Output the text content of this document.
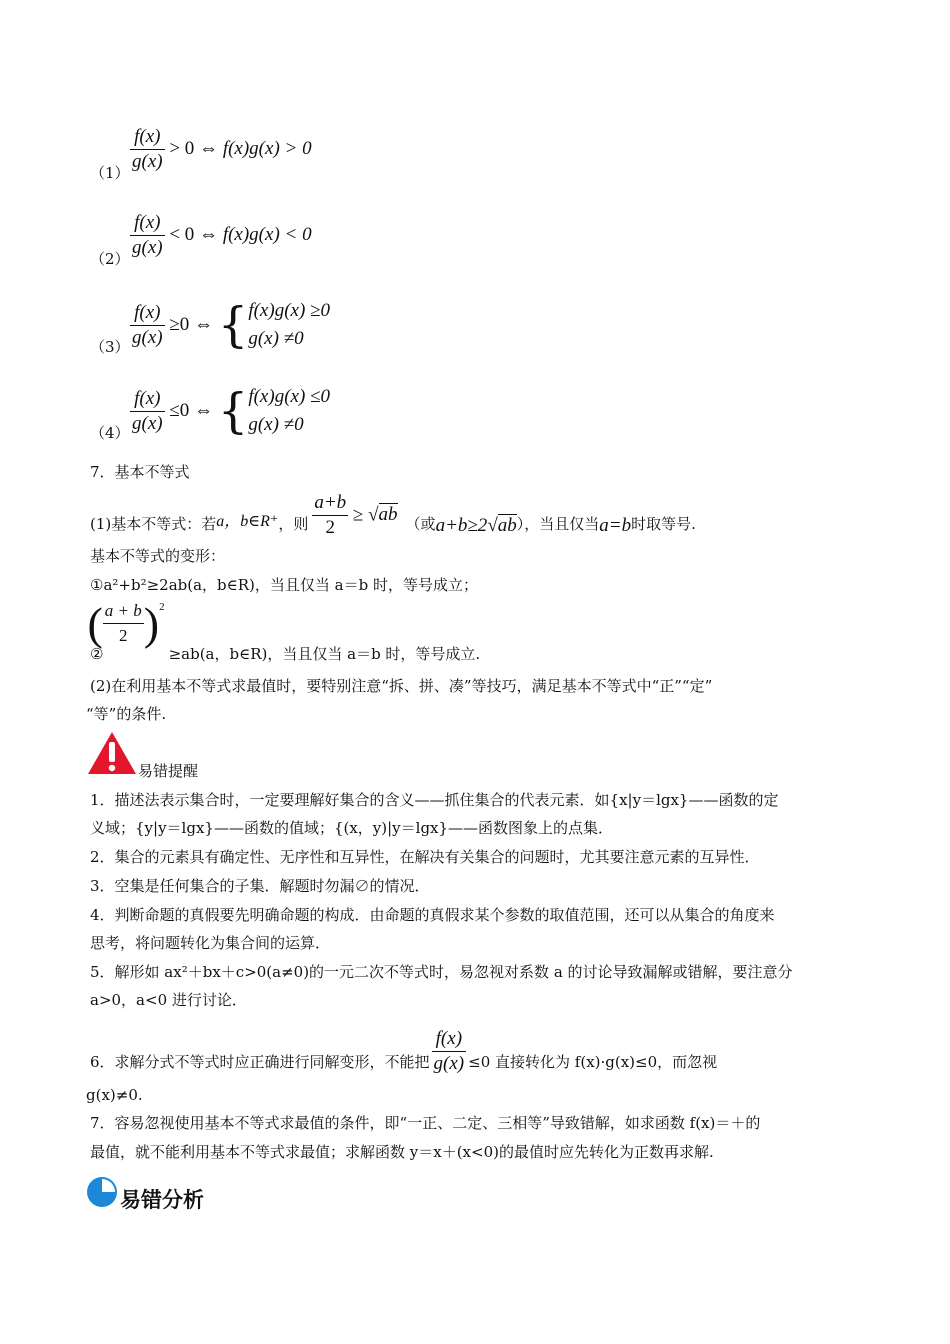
$(1) \frac{f(x)}{g(x)} > 0$ ⇔ f(x)g(x) > 0
$(2) \frac{f(x)}{g(x)} < 0$ ⇔ f(x)g(x) < 0
$(3) \frac{f(x)}{g(x)} \ge 0$ ⇔ { f(x)g(x) ≥0
g(x) ≠0
$(4) \frac{f(x)}{g(x)} \le 0$ ⇔ { f(x)g(x) ≤0
g(x) ≠0
7．基本不等式
(1)基本不等式：若 a，b∈R⁺ ，则 $\frac{a+b}{2} \ge √ab$ （或 a+b≥2 √ab ），当且仅当 a=b 时取等号.
基本不等式的变形：
①a²+b²≥2ab(a，b∈R)，当且仅当 a＝b 时，等号成立；
②
( $\frac{a + b}{2}$ ) 2
≥ab(a，b∈R)，当且仅当 a＝b 时，等号成立.
(2)在利用基本不等式求最值时，要特别注意“拆、拼、凑”等技巧，满足基本不等式中“正”“定”
“等”的条件.
易错提醒
1．描述法表示集合时，一定要理解好集合的含义——抓住集合的代表元素．如{x|y＝lgx}——函数的定
义域；{y|y＝lgx}——函数的值域；{(x，y)|y＝lgx}——函数图象上的点集．
2．集合的元素具有确定性、无序性和互异性，在解决有关集合的问题时，尤其要注意元素的互异性．
3．空集是任何集合的子集．解题时勿漏∅的情况．
4．判断命题的真假要先明确命题的构成．由命题的真假求某个参数的取值范围，还可以从集合的角度来
思考，将问题转化为集合间的运算．
5．解形如 ax²＋bx＋c>0(a≠0)的一元二次不等式时，易忽视对系数 a 的讨论导致漏解或错解，要注意分
a>0，a<0 进行讨论．
6．求解分式不等式时应正确进行同解变形，不能把 $\frac{f(x)}{g(x)} \le 0$ 直接转化为 f(x)·g(x)≤0，而忽视
g(x)≠0.
7．容易忽视使用基本不等式求最值的条件，即“一正、二定、三相等”导致错解，如求函数 f(x)＝＋的
最值，就不能利用基本不等式求最值；求解函数 y＝x＋(x<0)的最值时应先转化为正数再求解.
易错分析
